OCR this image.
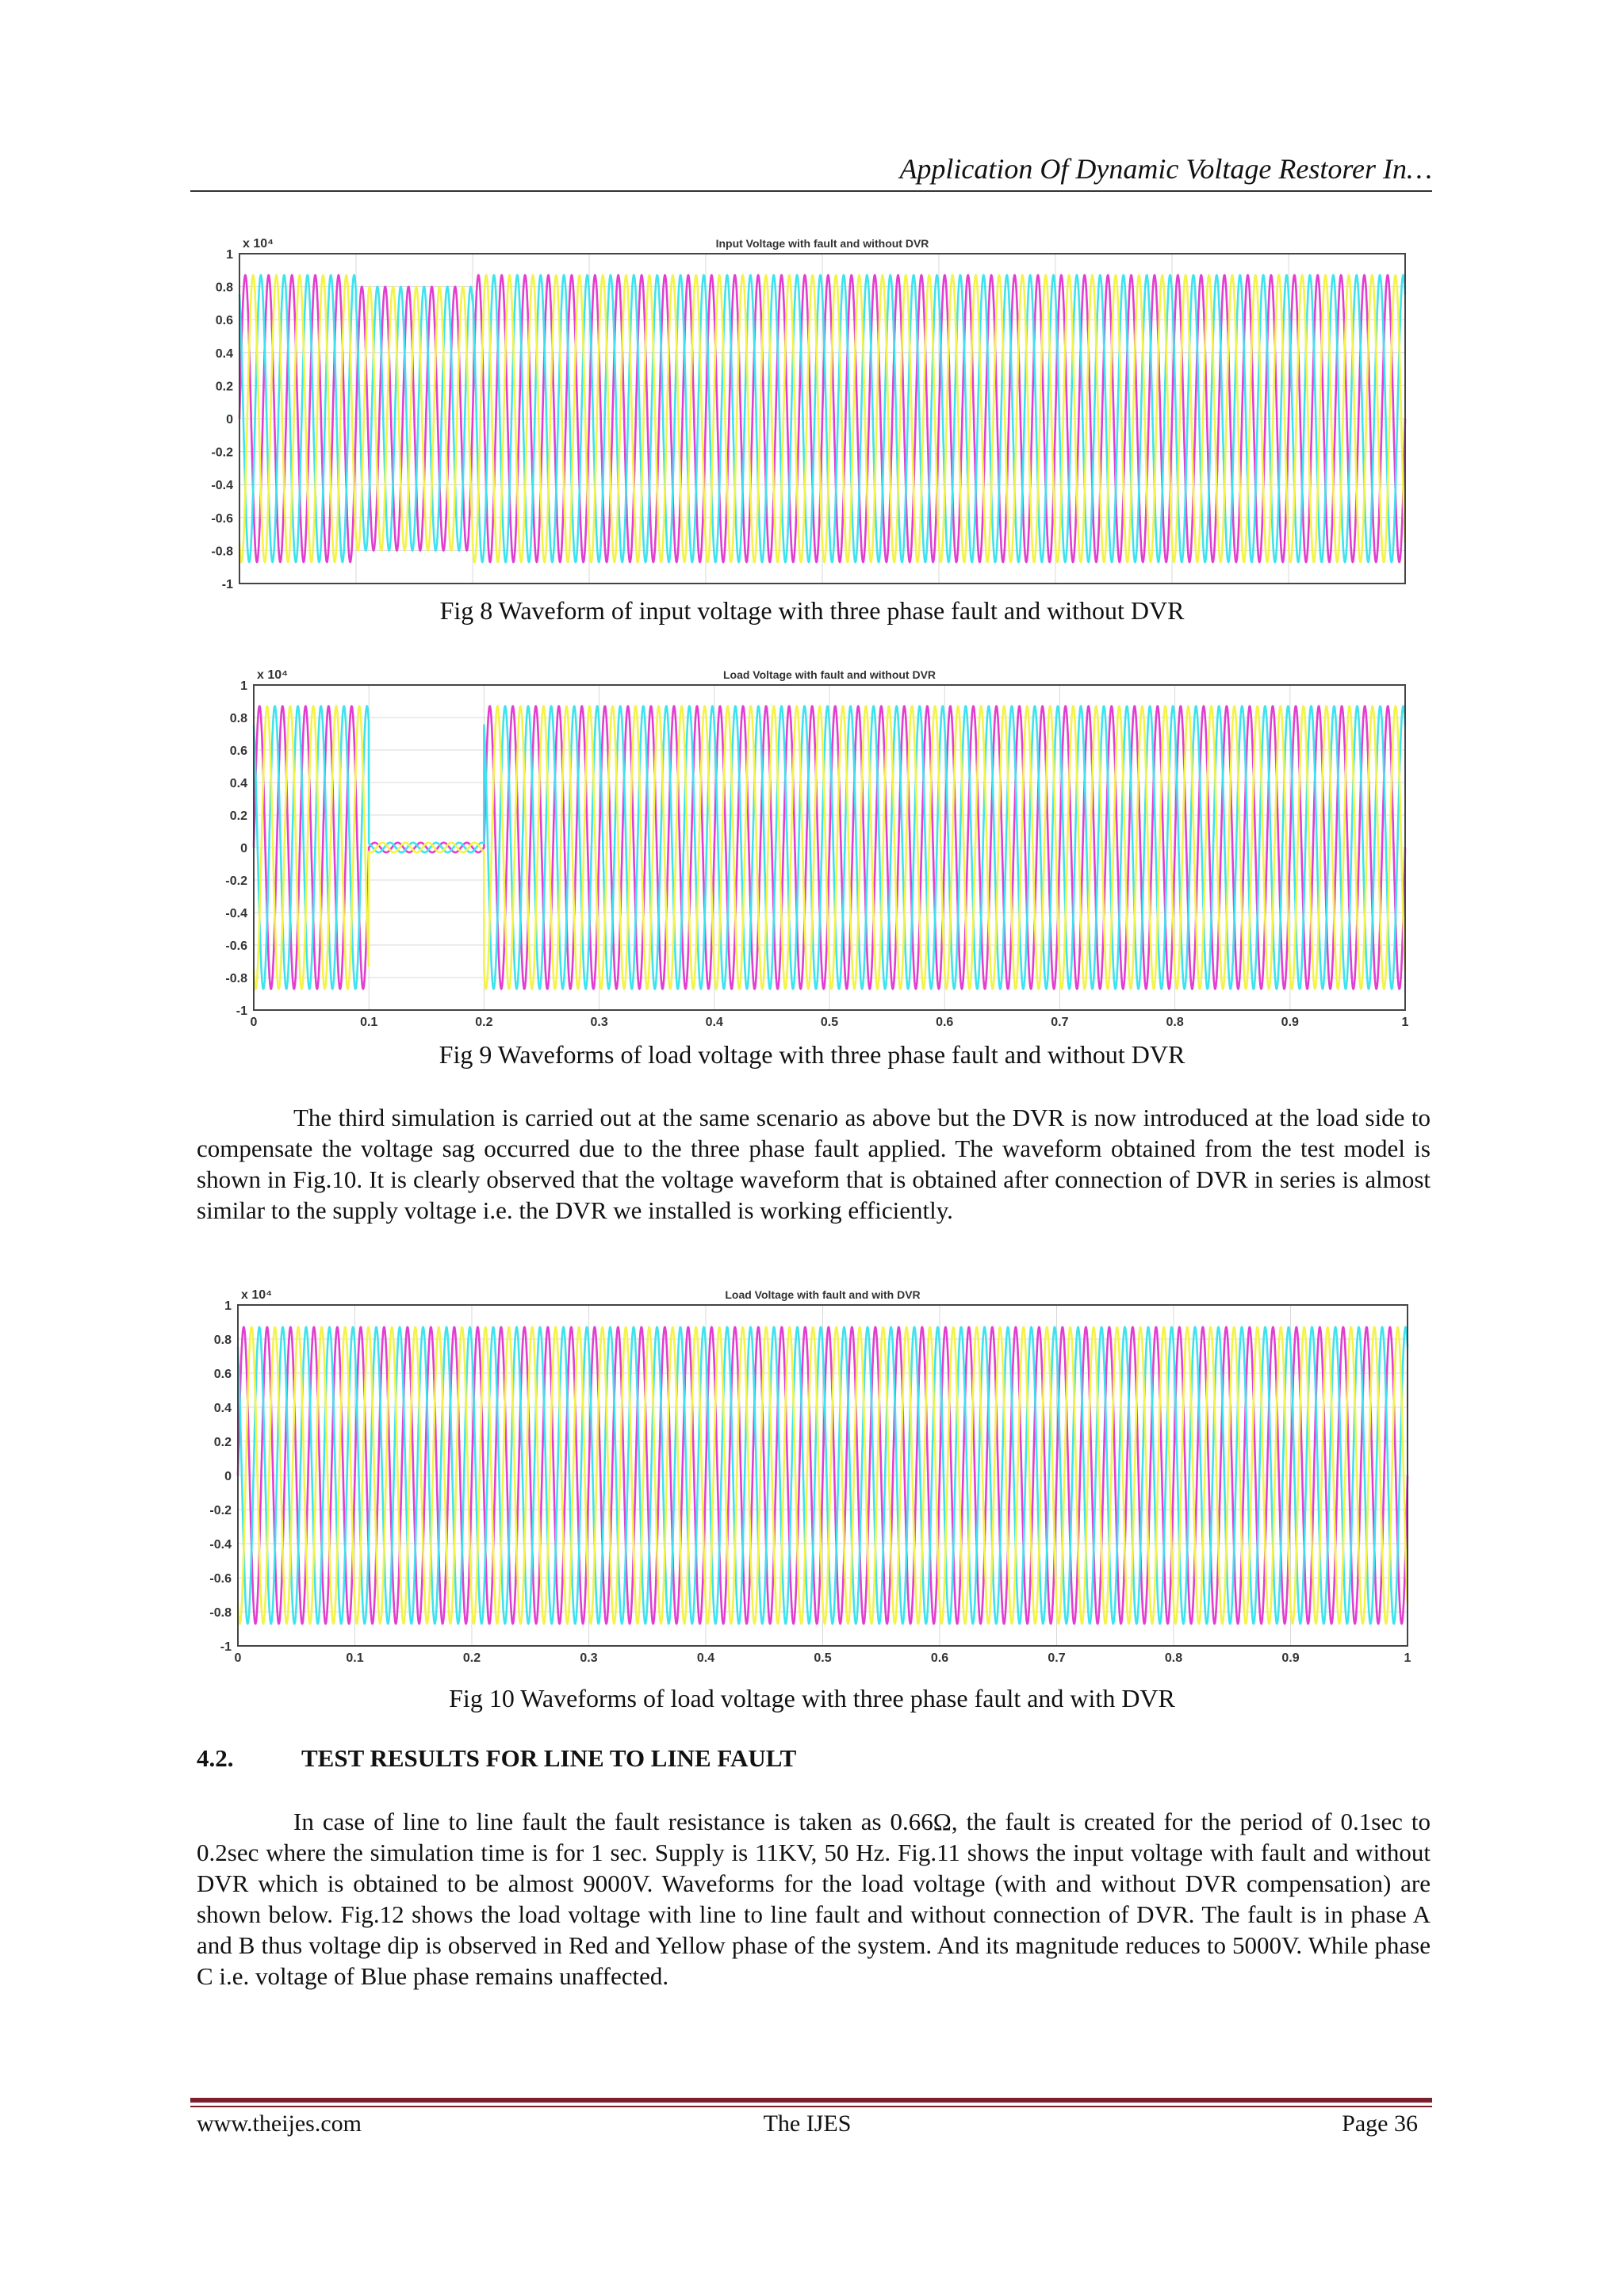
Application Of Dynamic Voltage Restorer In…
Input Voltage with fault and without DVR
x 10⁴
1
0.8
0.6
0.4
0.2
0
-0.2
-0.4
-0.6
-0.8
-1
Fig 8 Waveform of input voltage with three phase fault and without DVR
Load Voltage with fault and without DVR
x 10⁴
1
0.8
0.6
0.4
0.2
0
-0.2
-0.4
-0.6
-0.8
-1
0	0.1	0.2	0.3	0.4	0.5	0.6	0.7	0.8	0.9	1
Fig 9 Waveforms of load voltage with three phase fault and without DVR

The third simulation is carried out at the same scenario as above but the DVR is now introduced at the load side to compensate the voltage sag occurred due to the three phase fault applied. The waveform obtained from the test model is shown in Fig.10. It is clearly observed that the voltage waveform that is obtained after connection of DVR in series is almost similar to the supply voltage i.e. the DVR we installed is working efficiently.

Load Voltage with fault and with DVR
x 10⁴
1
0.8
0.6
0.4
0.2
0
-0.2
-0.4
-0.6
-0.8
-1
0	0.1	0.2	0.3	0.4	0.5	0.6	0.7	0.8	0.9	1
Fig 10 Waveforms of load voltage with three phase fault and with DVR
4.2.	TEST RESULTS FOR LINE TO LINE FAULT

In case of line to line fault the fault resistance is taken as 0.66Ω, the fault is created for the period of 0.1sec to 0.2sec where the simulation time is for 1 sec. Supply is 11KV, 50 Hz. Fig.11 shows the input voltage with fault and without DVR which is obtained to be almost 9000V. Waveforms for the load voltage (with and without DVR compensation) are shown below. Fig.12 shows the load voltage with line to line fault and without connection of DVR. The fault is in phase A and B thus voltage dip is observed in Red and Yellow phase of the system. And its magnitude reduces to 5000V. While phase C i.e. voltage of Blue phase remains unaffected.

www.theijes.com	The IJES	Page 36
